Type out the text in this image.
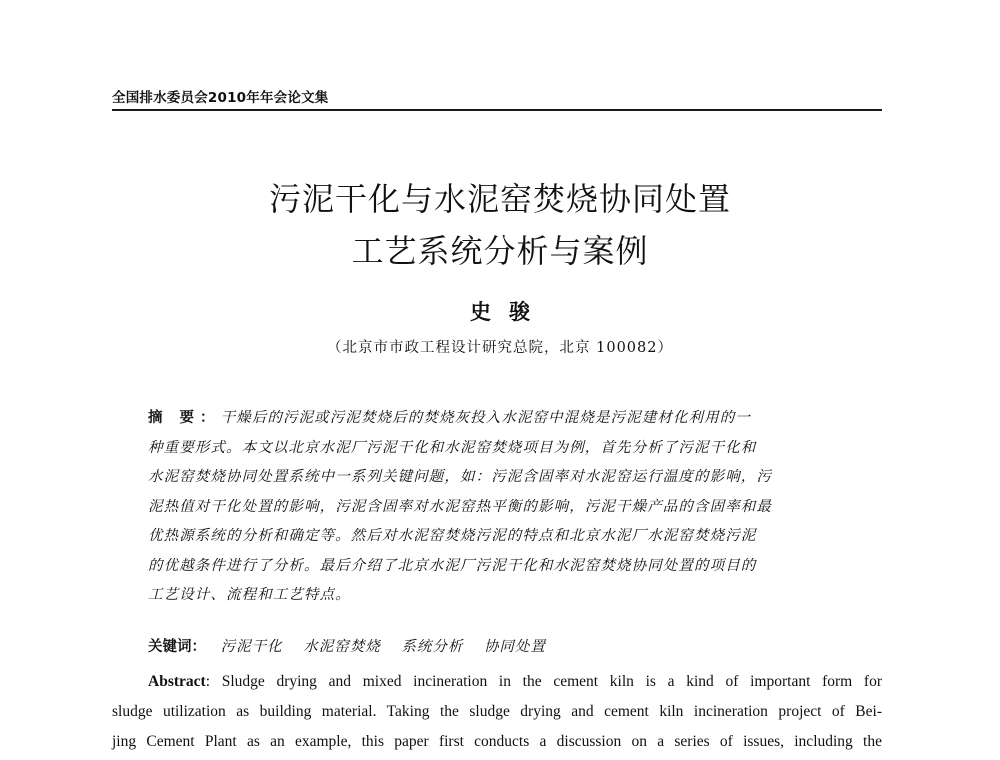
全国排水委员会2010年年会论文集
污泥干化与水泥窑焚烧协同处置
工艺系统分析与案例
史骏
（北京市市政工程设计研究总院，北京 100082）
摘 要：干燥后的污泥或污泥焚烧后的焚烧灰投入水泥窑中混烧是污泥建材化利用的一
种重要形式。本文以北京水泥厂污泥干化和水泥窑焚烧项目为例，首先分析了污泥干化和
水泥窑焚烧协同处置系统中一系列关键问题，如：污泥含固率对水泥窑运行温度的影响，污
泥热值对干化处置的影响，污泥含固率对水泥窑热平衡的影响，污泥干燥产品的含固率和最
优热源系统的分析和确定等。然后对水泥窑焚烧污泥的特点和北京水泥厂水泥窑焚烧污泥
的优越条件进行了分析。最后介绍了北京水泥厂污泥干化和水泥窑焚烧协同处置的项目的
工艺设计、流程和工艺特点。
关键词： 污泥干化 水泥窑焚烧 系统分析 协同处置
Abstract: Sludge drying and mixed incineration in the cement kiln is a kind of important form for
sludge utilization as building material. Taking the sludge drying and cement kiln incineration project of Bei-
jing Cement Plant as an example, this paper first conducts a discussion on a series of issues, including the
